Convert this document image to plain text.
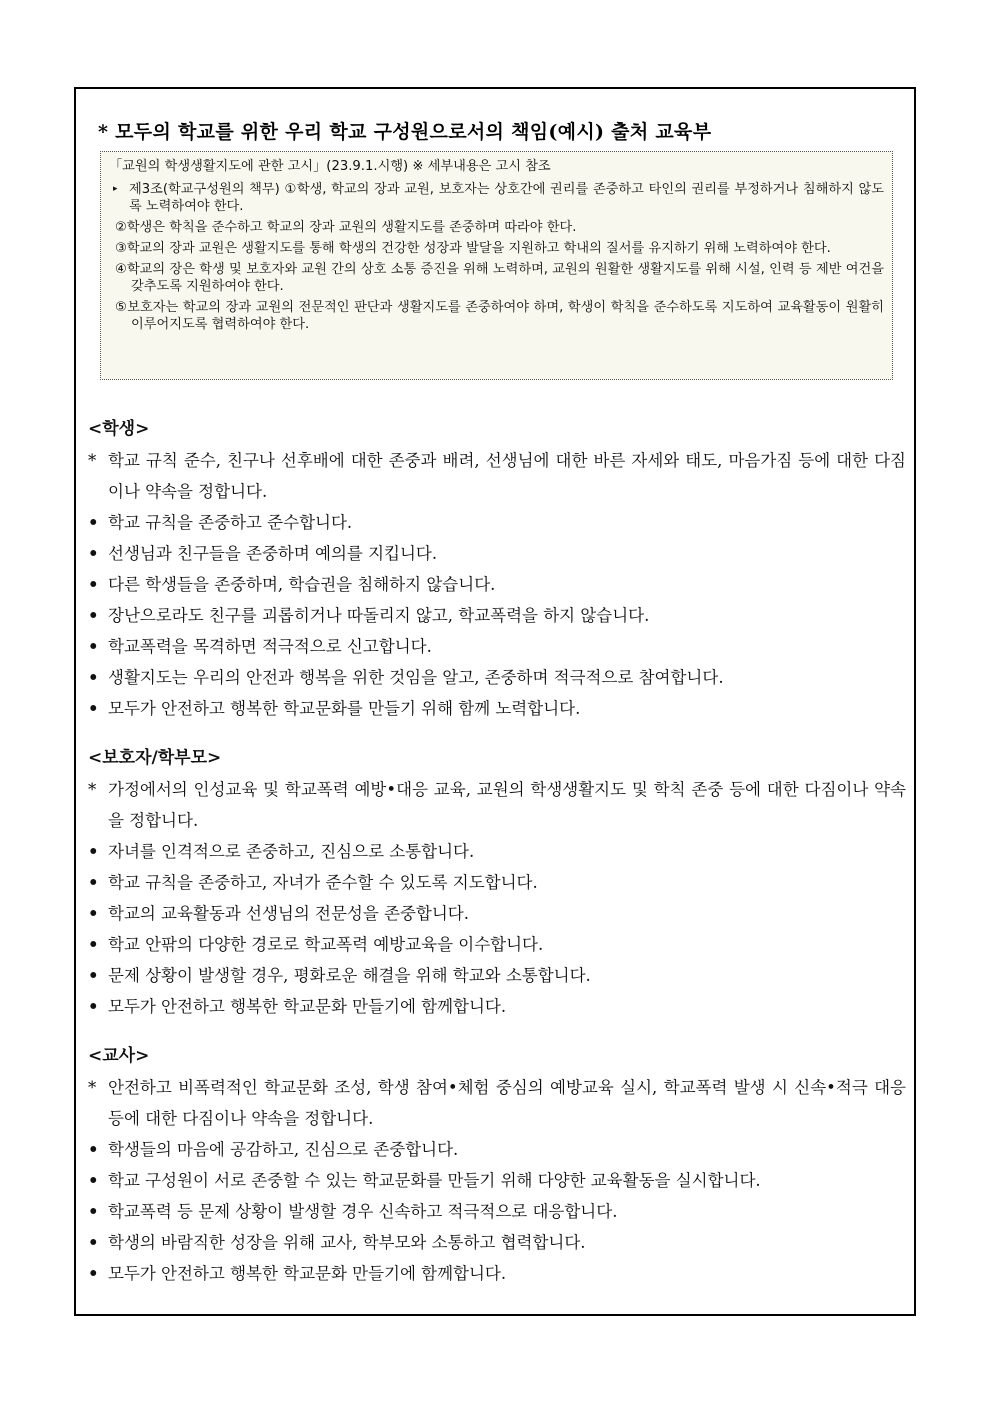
* 모두의 학교를 위한 우리 학교 구성원으로서의 책임(예시) 출처 교육부
「교원의 학생생활지도에 관한 고시」(23.9.1.시행) ※ 세부내용은 고시 참조
▸ 제3조(학교구성원의 책무) ①학생, 학교의 장과 교원, 보호자는 상호간에 권리를 존중하고 타인의 권리를 부정하거나 침해하지 않도록 노력하여야 한다.
②학생은 학칙을 준수하고 학교의 장과 교원의 생활지도를 존중하며 따라야 한다.
③학교의 장과 교원은 생활지도를 통해 학생의 건강한 성장과 발달을 지원하고 학내의 질서를 유지하기 위해 노력하여야 한다.
④학교의 장은 학생 및 보호자와 교원 간의 상호 소통 증진을 위해 노력하며, 교원의 원활한 생활지도를 위해 시설, 인력 등 제반 여건을 갖추도록 지원하여야 한다.
⑤보호자는 학교의 장과 교원의 전문적인 판단과 생활지도를 존중하여야 하며, 학생이 학칙을 준수하도록 지도하여 교육활동이 원활히 이루어지도록 협력하여야 한다.
<학생>
* 학교 규칙 준수, 친구나 선후배에 대한 존중과 배려, 선생님에 대한 바른 자세와 태도, 마음가짐 등에 대한 다짐이나 약속을 정합니다.
• 학교 규칙을 존중하고 준수합니다.
• 선생님과 친구들을 존중하며 예의를 지킵니다.
• 다른 학생들을 존중하며, 학습권을 침해하지 않습니다.
• 장난으로라도 친구를 괴롭히거나 따돌리지 않고, 학교폭력을 하지 않습니다.
• 학교폭력을 목격하면 적극적으로 신고합니다.
• 생활지도는 우리의 안전과 행복을 위한 것임을 알고, 존중하며 적극적으로 참여합니다.
• 모두가 안전하고 행복한 학교문화를 만들기 위해 함께 노력합니다.
<보호자/학부모>
* 가정에서의 인성교육 및 학교폭력 예방•대응 교육, 교원의 학생생활지도 및 학칙 존중 등에 대한 다짐이나 약속을 정합니다.
• 자녀를 인격적으로 존중하고, 진심으로 소통합니다.
• 학교 규칙을 존중하고, 자녀가 준수할 수 있도록 지도합니다.
• 학교의 교육활동과 선생님의 전문성을 존중합니다.
• 학교 안팎의 다양한 경로로 학교폭력 예방교육을 이수합니다.
• 문제 상황이 발생할 경우, 평화로운 해결을 위해 학교와 소통합니다.
• 모두가 안전하고 행복한 학교문화 만들기에 함께합니다.
<교사>
* 안전하고 비폭력적인 학교문화 조성, 학생 참여•체험 중심의 예방교육 실시, 학교폭력 발생 시 신속•적극 대응 등에 대한 다짐이나 약속을 정합니다.
• 학생들의 마음에 공감하고, 진심으로 존중합니다.
• 학교 구성원이 서로 존중할 수 있는 학교문화를 만들기 위해 다양한 교육활동을 실시합니다.
• 학교폭력 등 문제 상황이 발생할 경우 신속하고 적극적으로 대응합니다.
• 학생의 바람직한 성장을 위해 교사, 학부모와 소통하고 협력합니다.
• 모두가 안전하고 행복한 학교문화 만들기에 함께합니다.
